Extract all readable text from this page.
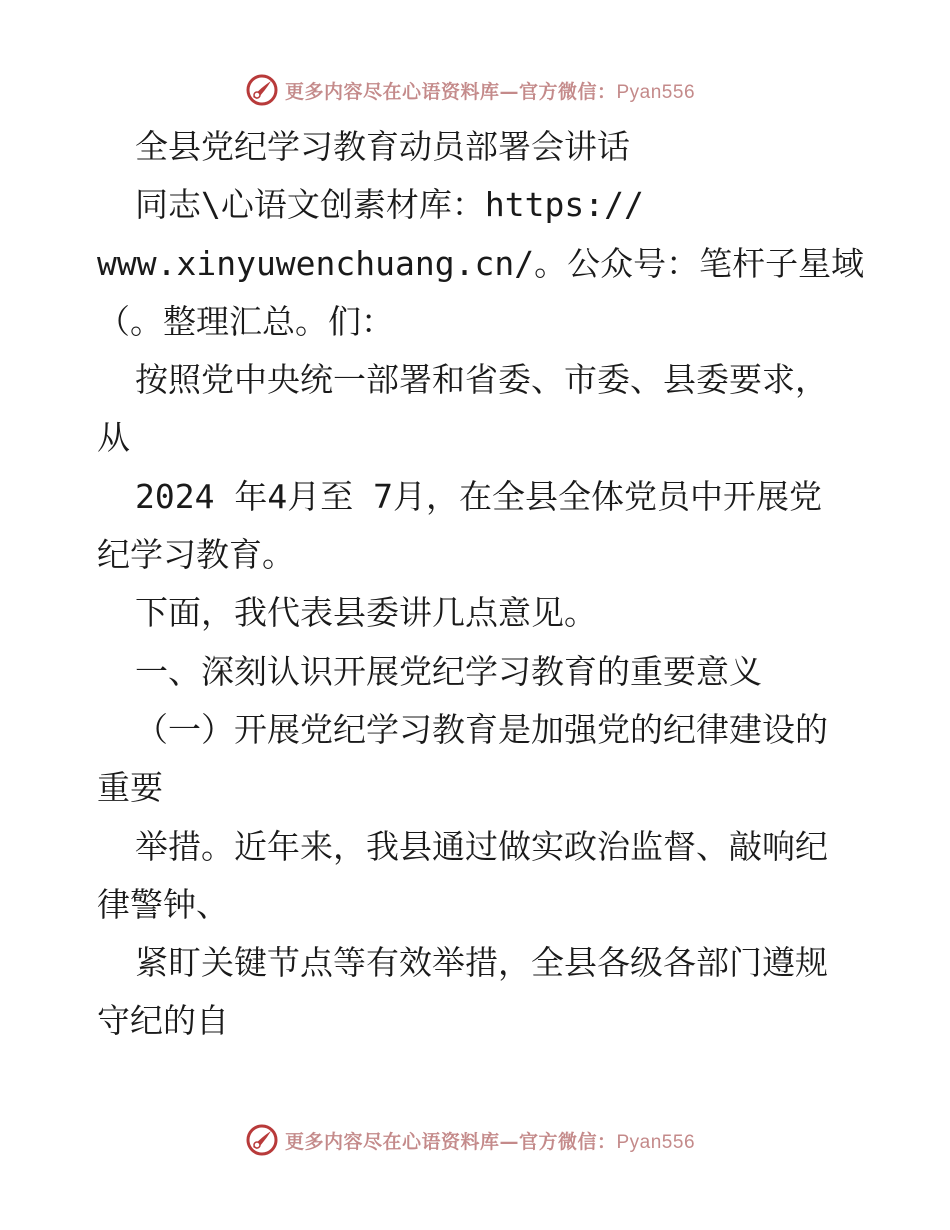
更多内容尽在心语资料库—官方微信：Pyan556
全县党纪学习教育动员部署会讲话
同志\心语文创素材库：https://
www.xinyuwenchuang.cn/。公众号：笔杆子星域
（。整理汇总。们：
按照党中央统一部署和省委、市委、县委要求，
从
2024 年4月至 7月，在全县全体党员中开展党
纪学习教育。
下面，我代表县委讲几点意见。
一、深刻认识开展党纪学习教育的重要意义
（一）开展党纪学习教育是加强党的纪律建设的
重要
举措。近年来，我县通过做实政治监督、敲响纪
律警钟、
紧盯关键节点等有效举措，全县各级各部门遵规
守纪的自
更多内容尽在心语资料库—官方微信：Pyan556
